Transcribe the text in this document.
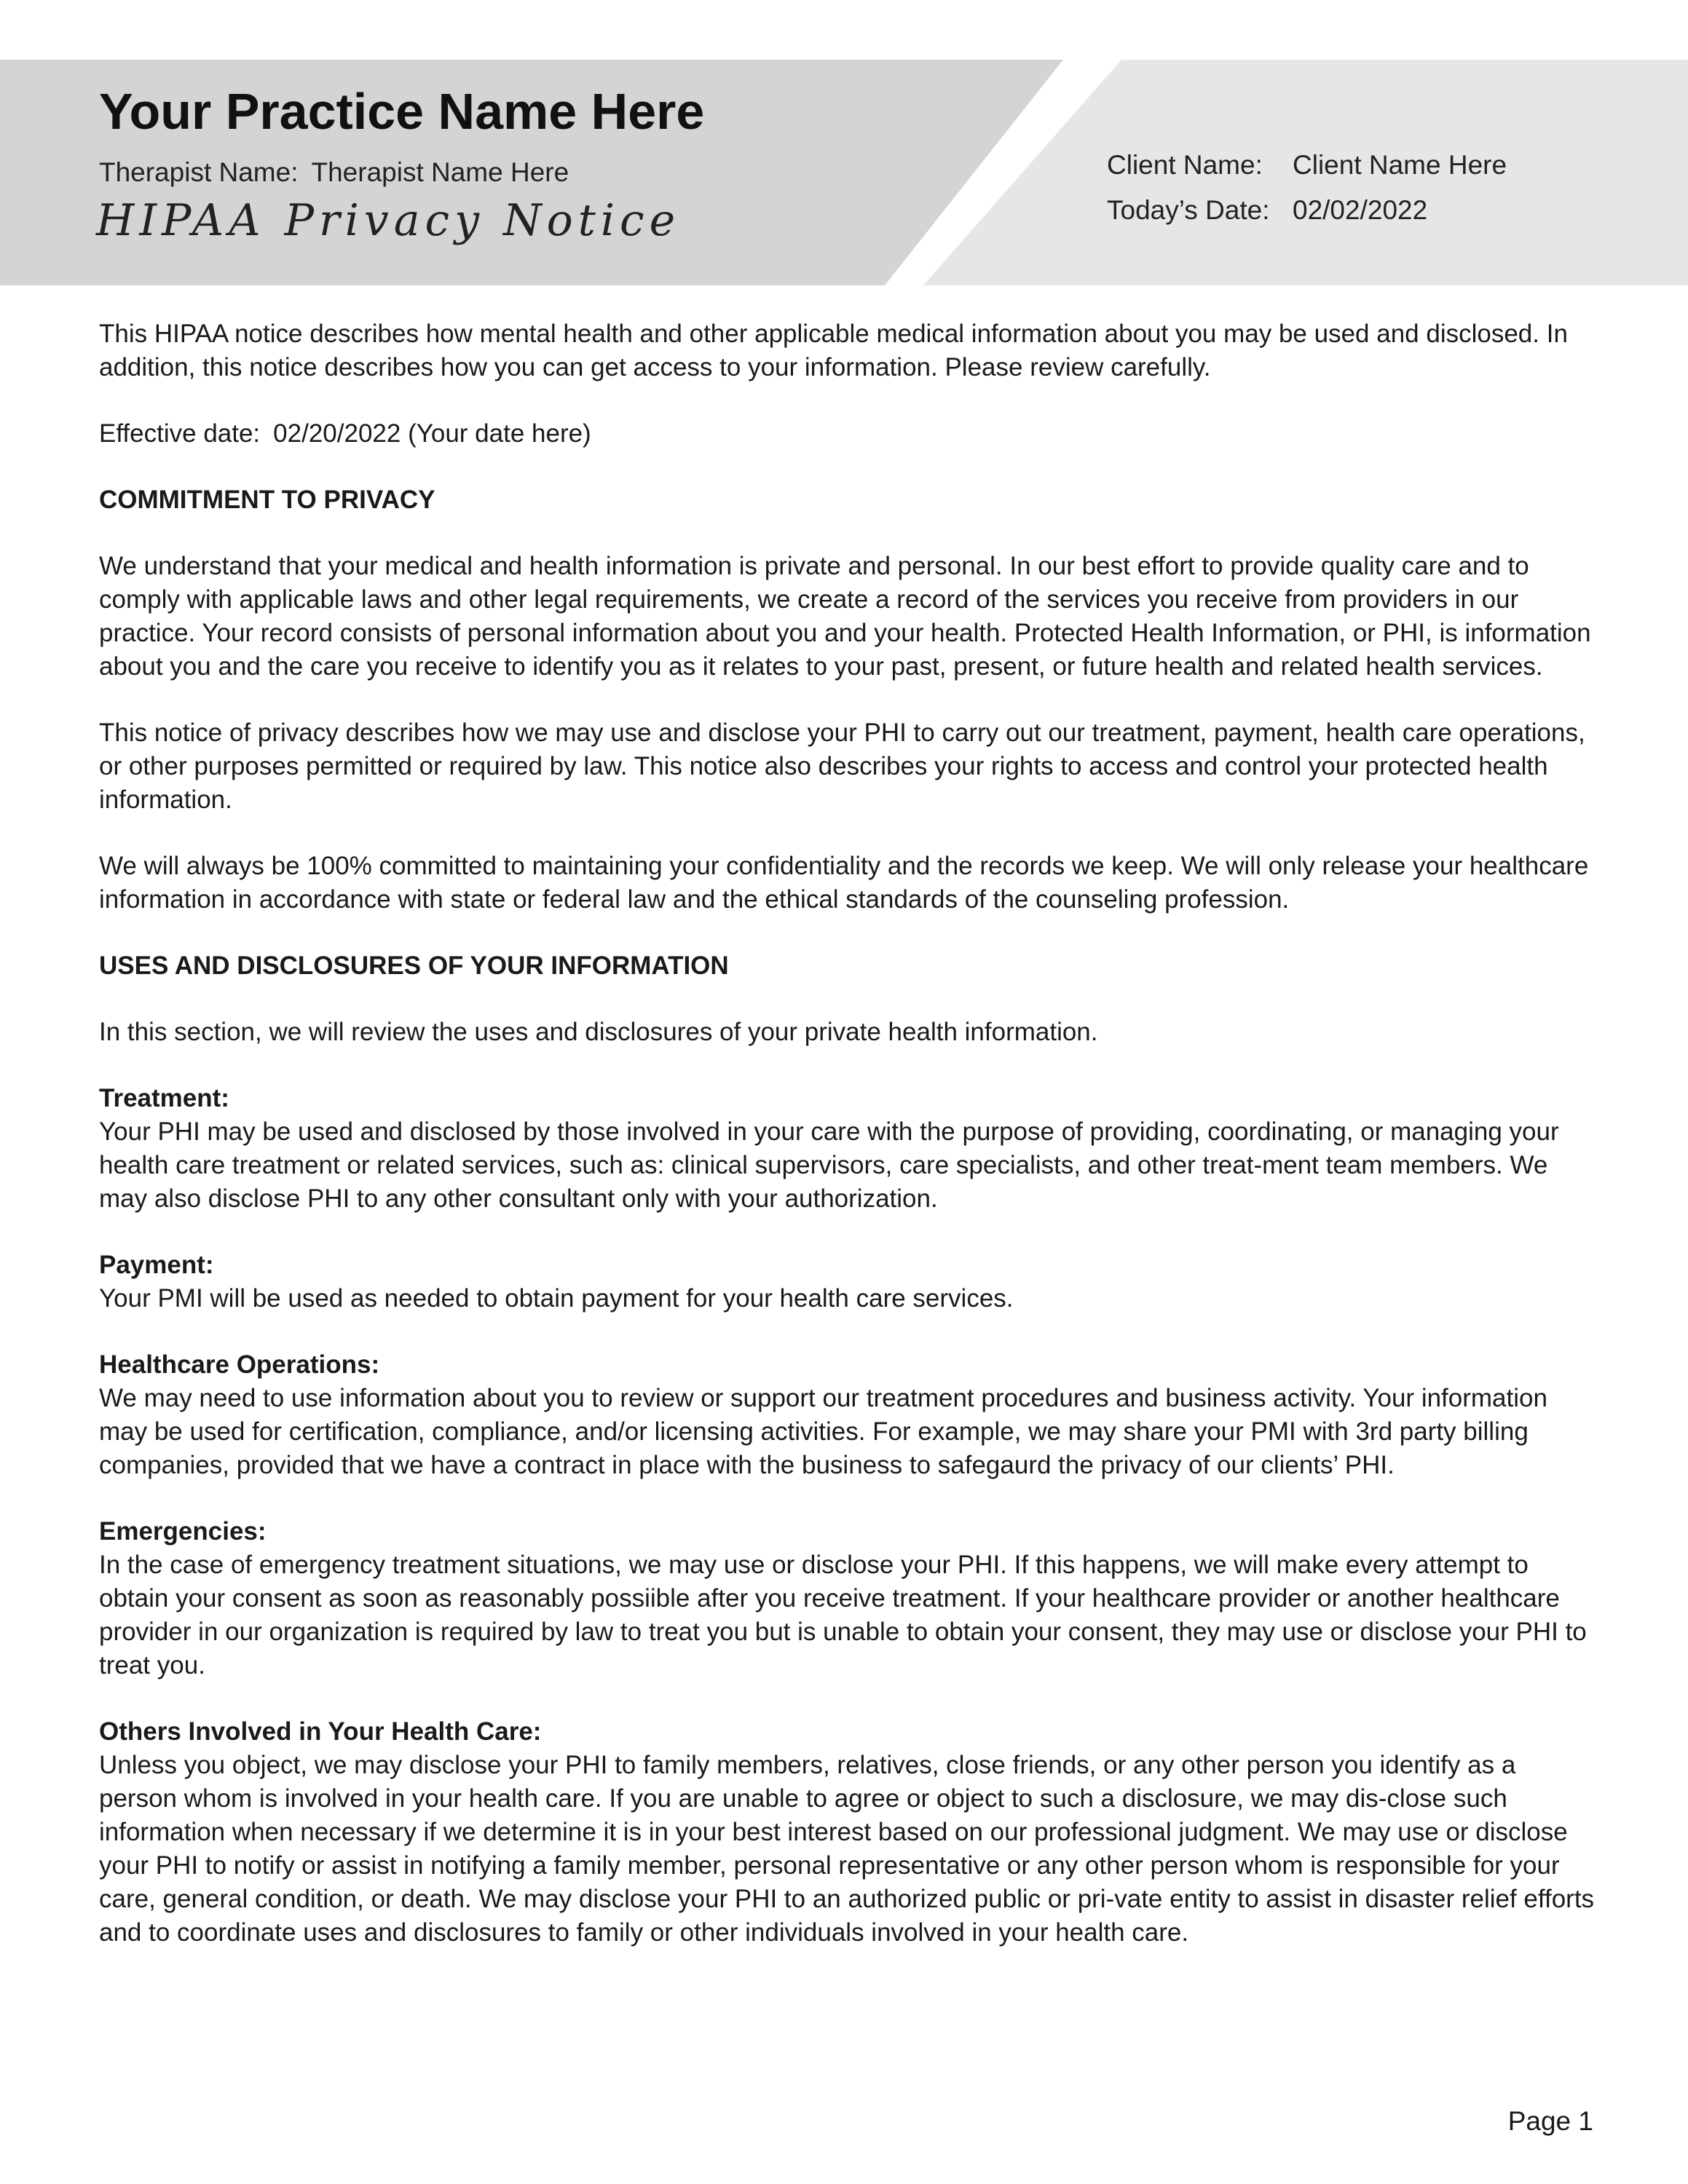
Your Practice Name Here
Therapist Name: Therapist Name Here
HIPAA Privacy Notice
Client Name:	Client Name Here
Today’s Date: 02/02/2022

This HIPAA notice describes how mental health and other applicable medical information about you may be used and disclosed. In addition, this notice describes how you can get access to your information. Please review carefully.

Effective date: 02/20/2022 (Your date here)

COMMITMENT TO PRIVACY

We understand that your medical and health information is private and personal. In our best effort to provide quality care and to comply with applicable laws and other legal requirements, we create a record of the services you receive from providers in our practice. Your record consists of personal information about you and your health. Protected Health Information, or PHI, is information about you and the care you receive to identify you as it relates to your past, present, or future health and related health services.

This notice of privacy describes how we may use and disclose your PHI to carry out our treatment, payment, health care operations, or other purposes permitted or required by law. This notice also describes your rights to access and control your protected health information.

We will always be 100% committed to maintaining your confidentiality and the records we keep. We will only release your healthcare information in accordance with state or federal law and the ethical standards of the counseling profession.

USES AND DISCLOSURES OF YOUR INFORMATION

In this section, we will review the uses and disclosures of your private health information.

Treatment:
Your PHI may be used and disclosed by those involved in your care with the purpose of providing, coordinating, or managing your health care treatment or related services, such as: clinical supervisors, care specialists, and other treat-ment team members. We may also disclose PHI to any other consultant only with your authorization.
Payment:
Your PMI will be used as needed to obtain payment for your health care services.
Healthcare Operations:
We may need to use information about you to review or support our treatment procedures and business activity. Your information may be used for certification, compliance, and/or licensing activities. For example, we may share your PMI with 3rd party billing companies, provided that we have a contract in place with the business to safegaurd the privacy of our clients’ PHI.
Emergencies:
In the case of emergency treatment situations, we may use or disclose your PHI. If this happens, we will make every attempt to obtain your consent as soon as reasonably possiible after you receive treatment. If your healthcare provider or another healthcare provider in our organization is required by law to treat you but is unable to obtain your consent, they may use or disclose your PHI to treat you.
Others Involved in Your Health Care:
Unless you object, we may disclose your PHI to family members, relatives, close friends, or any other person you identify as a person whom is involved in your health care. If you are unable to agree or object to such a disclosure, we may dis-close such information when necessary if we determine it is in your best interest based on our professional judgment. We may use or disclose your PHI to notify or assist in notifying a family member, personal representative or any other person whom is responsible for your care, general condition, or death. We may disclose your PHI to an authorized public or pri-vate entity to assist in disaster relief efforts and to coordinate uses and disclosures to family or other individuals involved in your health care.
Page 1
